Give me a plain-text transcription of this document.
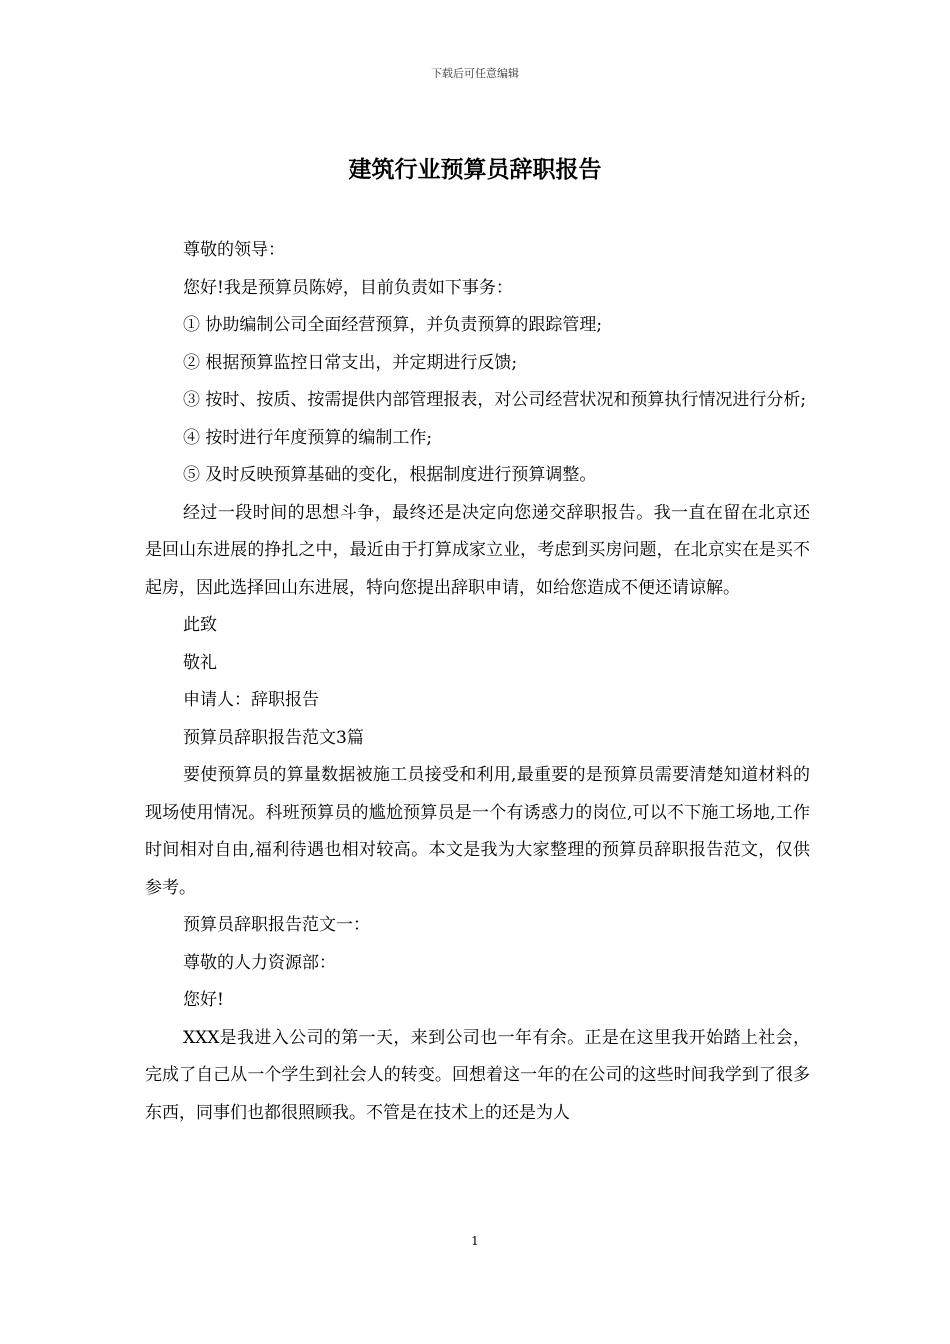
下载后可任意编辑
建筑行业预算员辞职报告

尊敬的领导：

您好!我是预算员陈婷，目前负责如下事务：

① 协助编制公司全面经营预算，并负责预算的跟踪管理;

② 根据预算监控日常支出，并定期进行反馈;

③ 按时、按质、按需提供内部管理报表，对公司经营状况和预算执行情况进行分析;

④ 按时进行年度预算的编制工作;

⑤ 及时反映预算基础的变化，根据制度进行预算调整。

经过一段时间的思想斗争，最终还是决定向您递交辞职报告。我一直在留在北京还是回山东进展的挣扎之中，最近由于打算成家立业，考虑到买房问题，在北京实在是买不起房，因此选择回山东进展，特向您提出辞职申请，如给您造成不便还请谅解。

此致

敬礼

申请人：辞职报告

预算员辞职报告范文3篇

要使预算员的算量数据被施工员接受和利用,最重要的是预算员需要清楚知道材料的现场使用情况。科班预算员的尴尬预算员是一个有诱惑力的岗位,可以不下施工场地,工作时间相对自由,福利待遇也相对较高。本文是我为大家整理的预算员辞职报告范文，仅供参考。

预算员辞职报告范文一：

尊敬的人力资源部：

您好!

XXX是我进入公司的第一天，来到公司也一年有余。正是在这里我开始踏上社会，完成了自己从一个学生到社会人的转变。回想着这一年的在公司的这些时间我学到了很多东西，同事们也都很照顾我。不管是在技术上的还是为人

1
